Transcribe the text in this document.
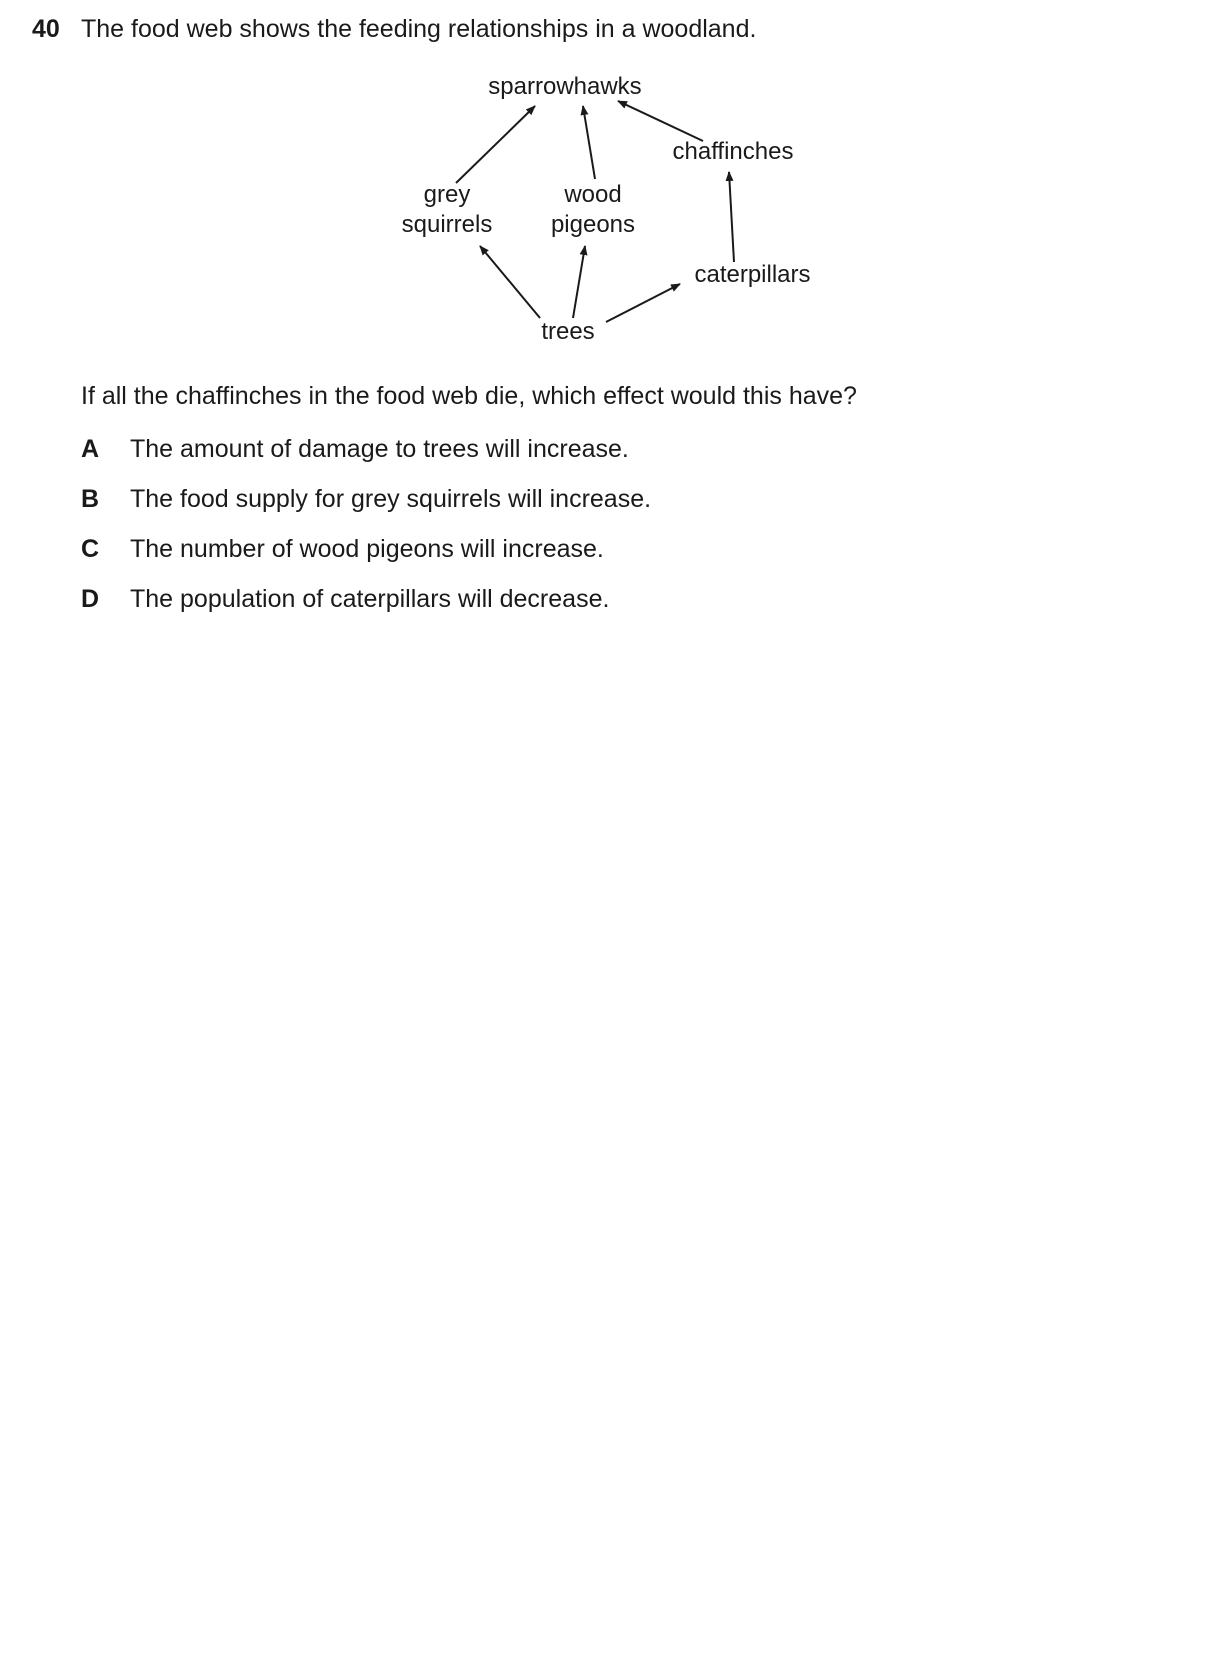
40 The food web shows the feeding relationships in a woodland.
sparrowhawks
chaffinches
grey
squirrels
wood
pigeons
caterpillars
trees
If all the chaffinches in the food web die, which effect would this have?
A The amount of damage to trees will increase.
B The food supply for grey squirrels will increase.
C The number of wood pigeons will increase.
D The population of caterpillars will decrease.
